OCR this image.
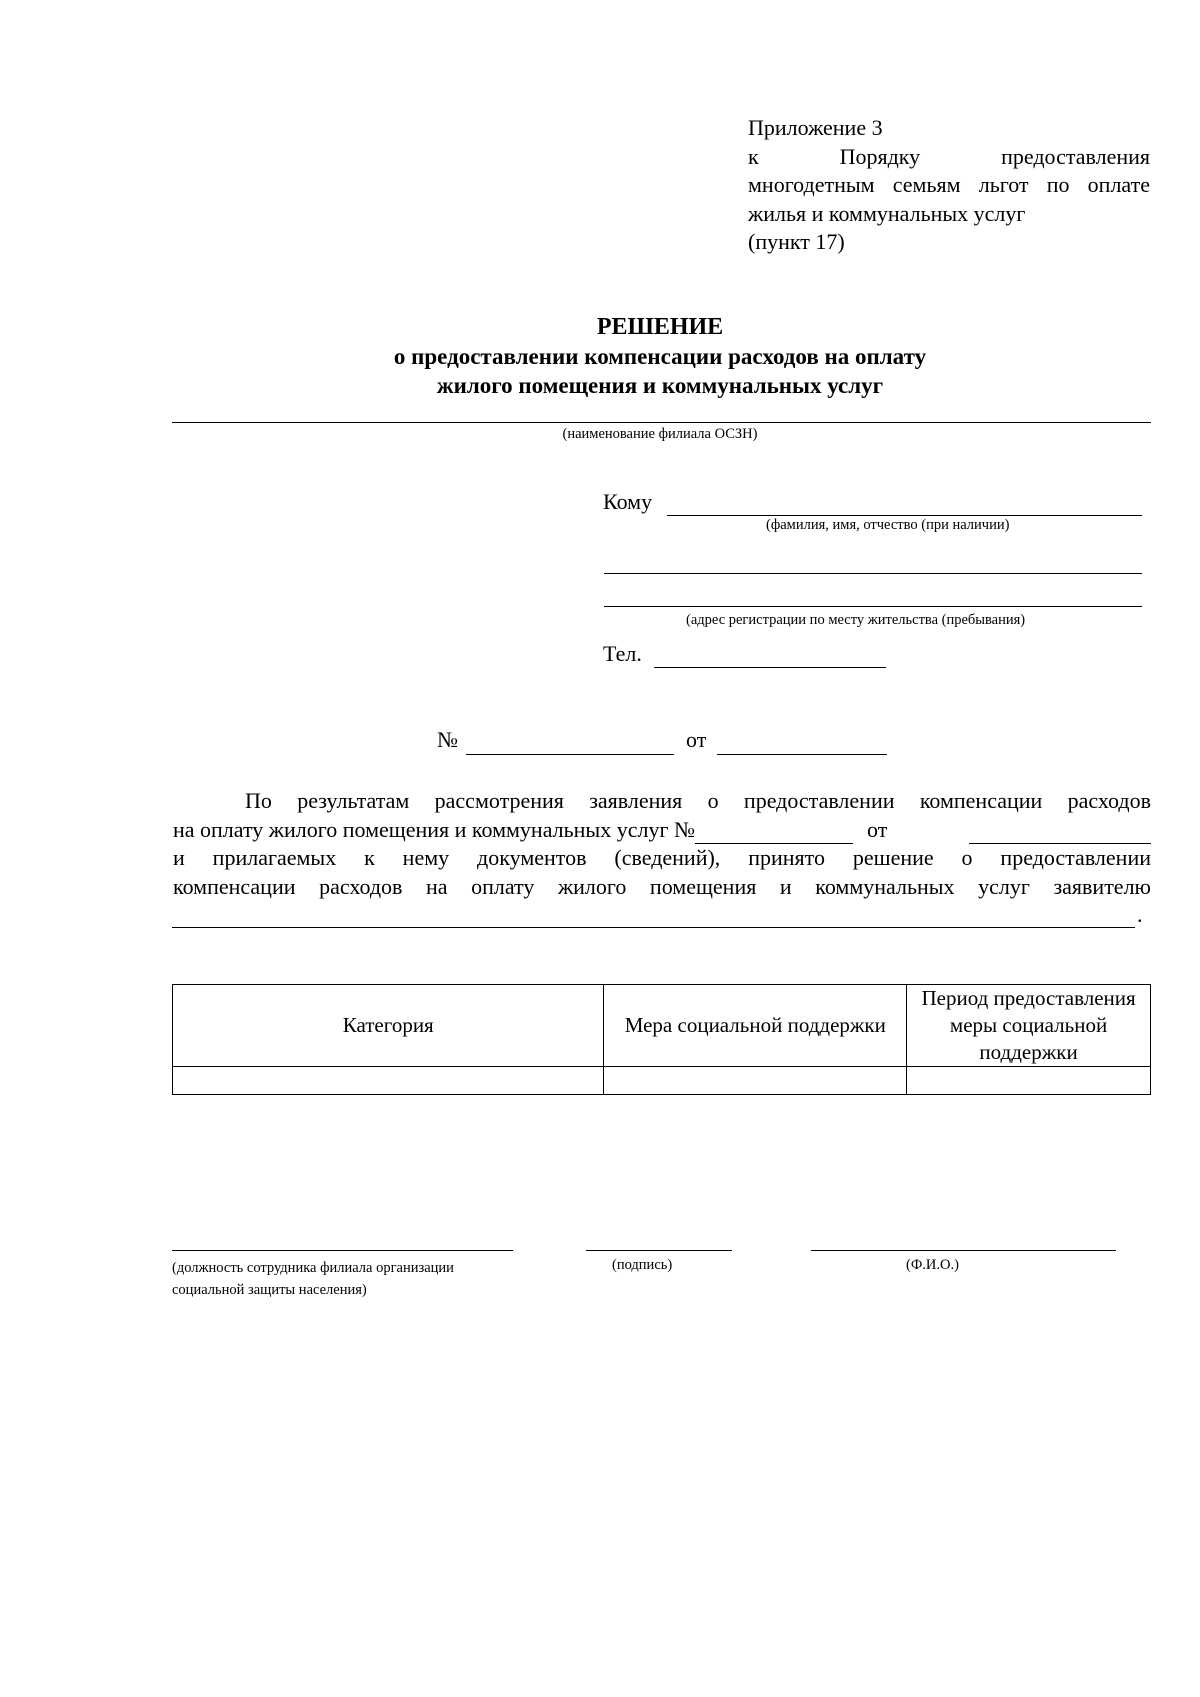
Приложение 3
к	Порядку	предоставления
многодетным семьям льгот по оплате
жилья и коммунальных услуг
(пункт 17)
РЕШЕНИЕ
о предоставлении компенсации расходов на оплату
жилого помещения и коммунальных услуг
(наименование филиала ОСЗН)
Кому
(фамилия, имя, отчество (при наличии)
(адрес регистрации по месту жительства (пребывания)
Тел.
№	от
По результатам рассмотрения заявления о предоставлении компенсации расходов
на оплату жилого помещения и коммунальных услуг №	от
и прилагаемых к нему документов (сведений), принято решение о предоставлении
компенсации расходов на оплату жилого помещения и коммунальных услуг заявителю
.
Категория	Мера социальной поддержки	Период предоставления меры социальной поддержки

(должность сотрудника филиала организации
социальной защиты населения)
(подпись)	(Ф.И.О.)
